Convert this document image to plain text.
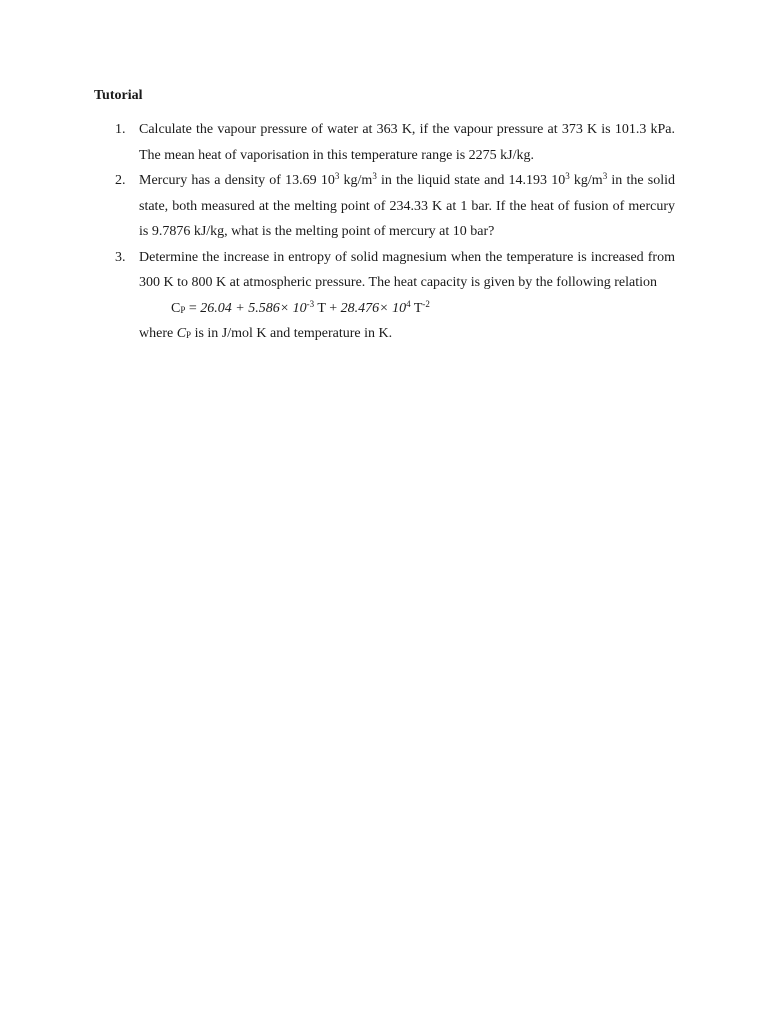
Tutorial
1. Calculate the vapour pressure of water at 363 K, if the vapour pressure at 373 K is 101.3 kPa. The mean heat of vaporisation in this temperature range is 2275 kJ/kg.
2. Mercury has a density of 13.69 $10^3$ $kg/m^3$ in the liquid state and 14.193 $10^3$ $kg/m^3$ in the solid state, both measured at the melting point of 234.33 K at 1 bar. If the heat of fusion of mercury is 9.7876 kJ/kg, what is the melting point of mercury at 10 bar?
3. Determine the increase in entropy of solid magnesium when the temperature is increased from 300 K to 800 K at atmospheric pressure. The heat capacity is given by the following relation
CP = $26.04 + 5.586\times 10^{-3}$ $T + 28.476\times 10^4$ $T^{-2}$
where CP is in J/mol K and temperature in K.
